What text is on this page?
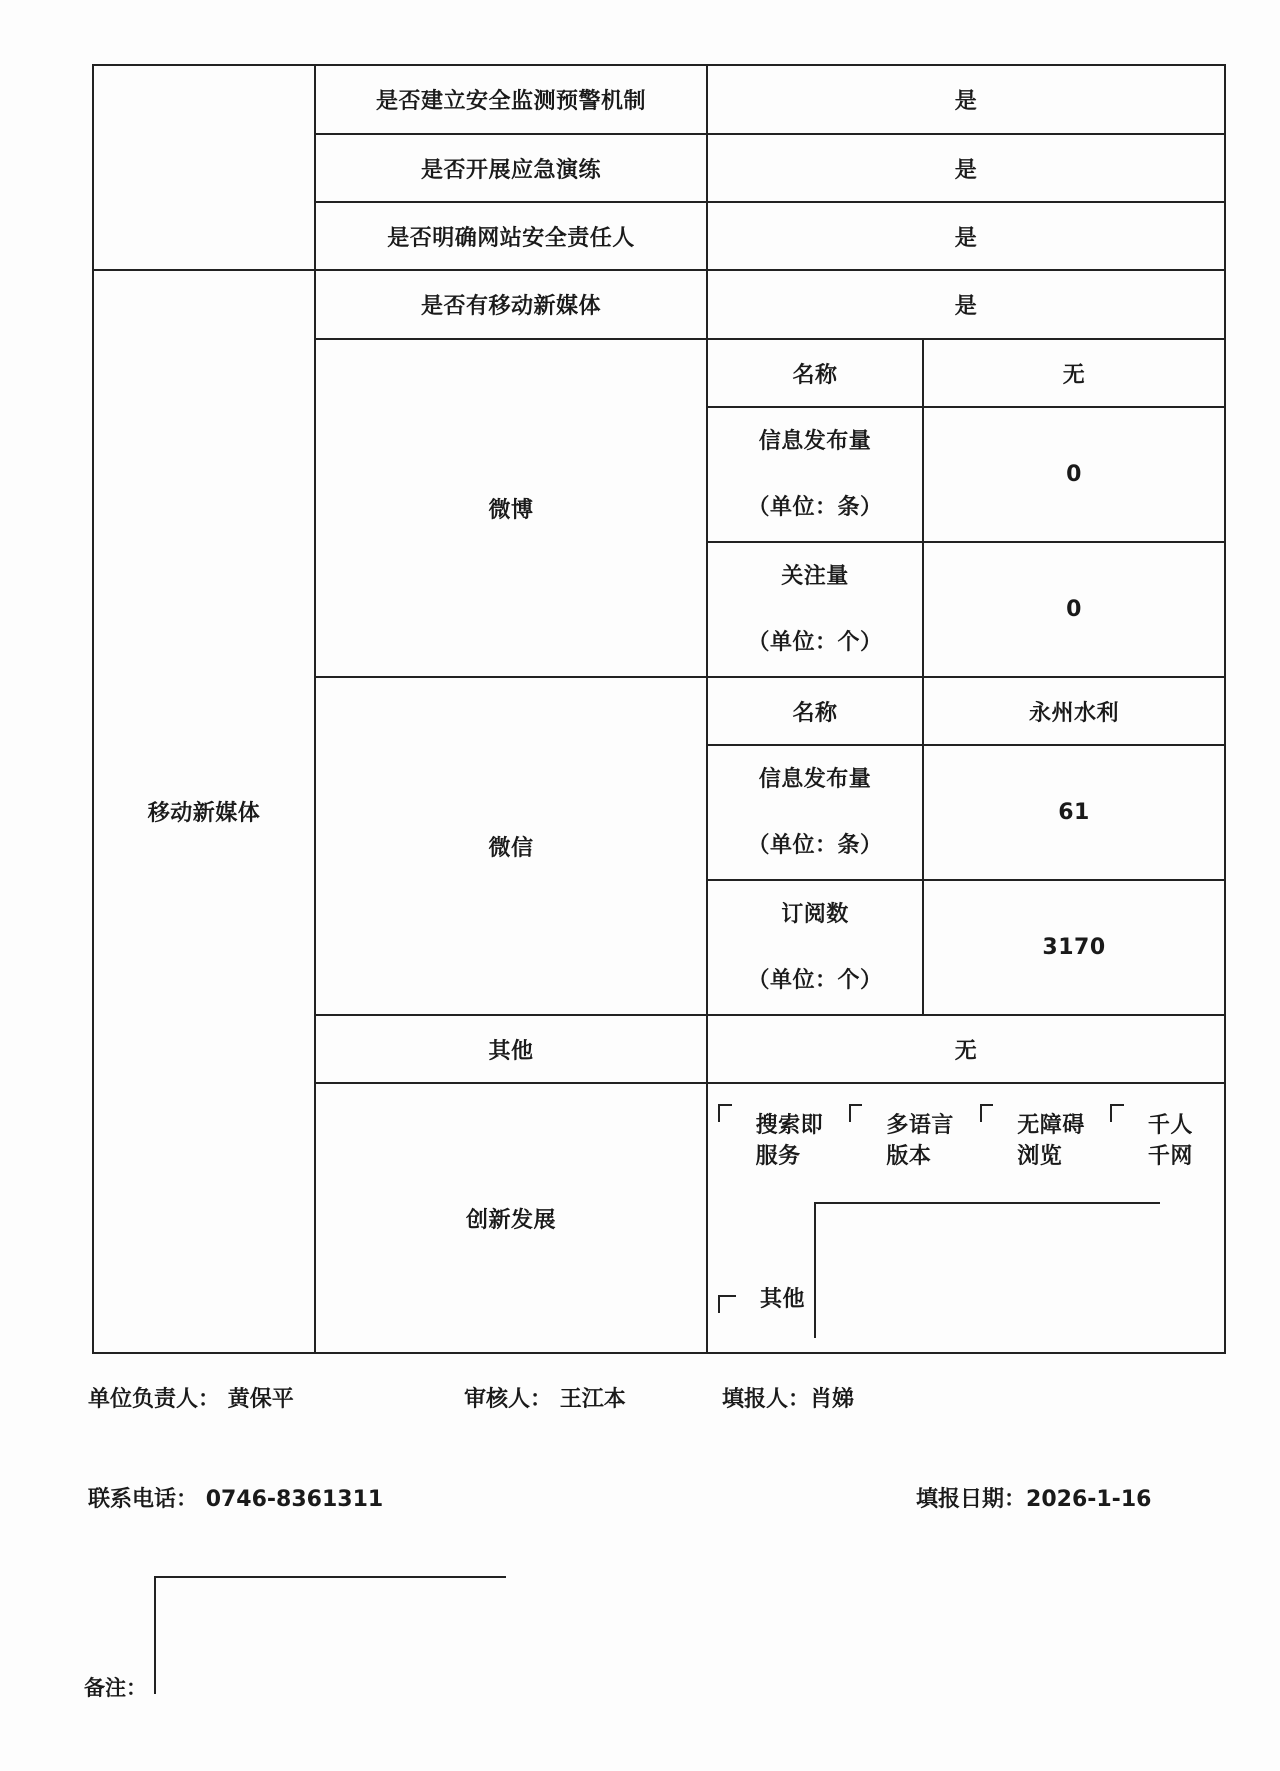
	是否建立安全监测预警机制	是	
	是否开展应急演练	是	
	是否明确网站安全责任人	是	
移动新媒体	是否有移动新媒体	是	
	微博	名称	无

		信息发布量
（单位：条）	0

		关注量
（单位：个）	0
	微信	名称	永州水利

		信息发布量
（单位：条）	61

		订阅数
（单位：个）	3170
	其他	无	
	创新发展	搜索即服务
多语言版本
无障碍浏览
千人千网
其他	
单位负责人： 黄保平	审核人： 王江本	填报人：肖娣
联系电话： 0746-8361311	填报日期：2026-1-16
备注：
